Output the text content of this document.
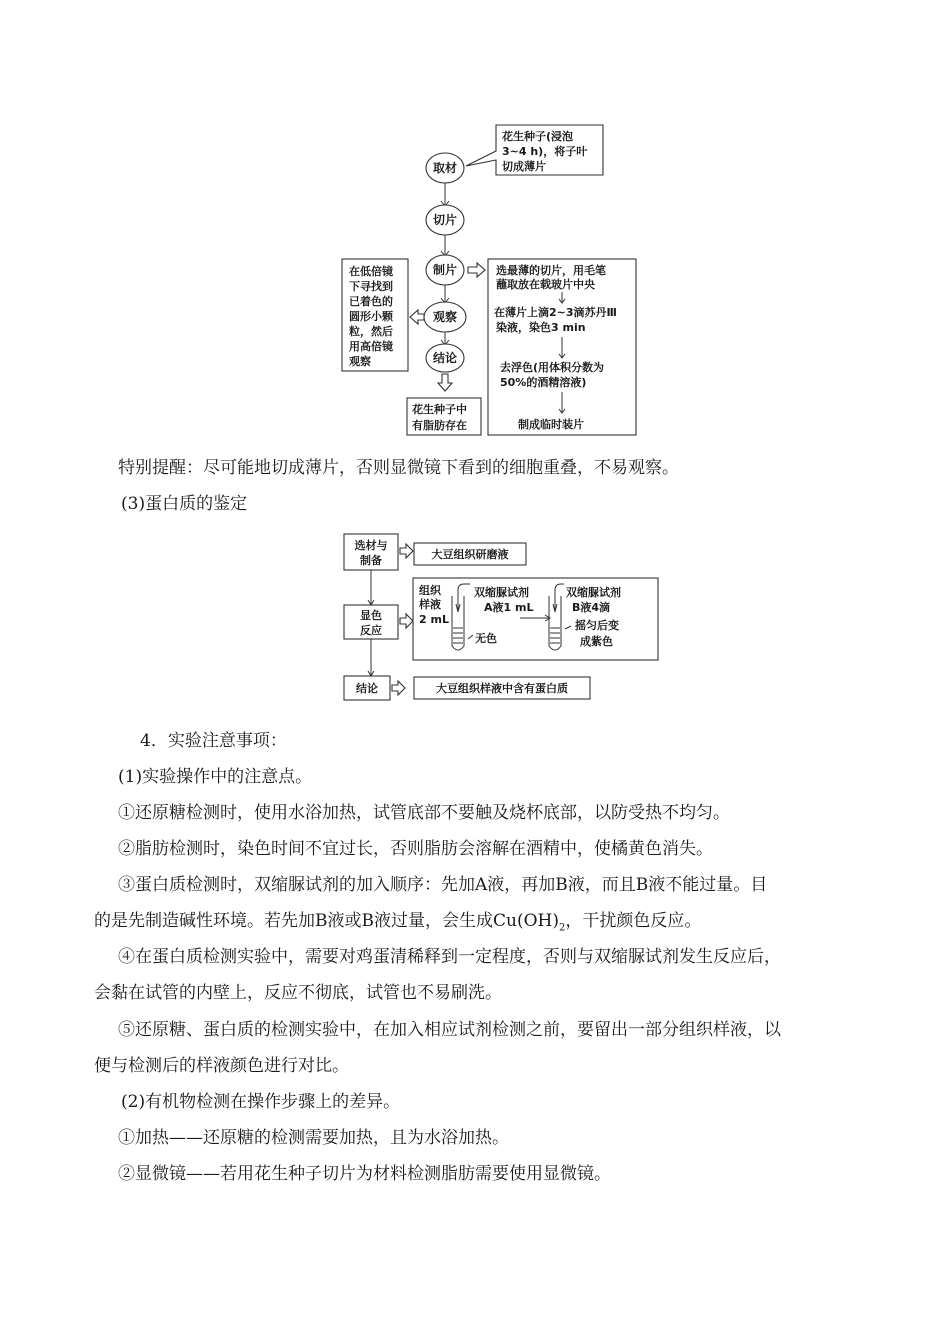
取材
切片
制片
观察
结论
花生种子(浸泡
3~4 h)，将子叶
切成薄片
在低倍镜
下寻找到
已着色的
圆形小颗
粒，然后
用高倍镜
观察
选最薄的切片，用毛笔
蘸取放在载玻片中央
在薄片上滴2~3滴苏丹Ⅲ
染液，染色3 min
去浮色(用体积分数为
50%的酒精溶液)
制成临时装片
花生种子中
有脂肪存在
特别提醒：尽可能地切成薄片，否则显微镜下看到的细胞重叠，不易观察。
(3)蛋白质的鉴定
选材与
制备
显色
反应
结论
大豆组织研磨液
组织
样液
2 mL
双缩脲试剂
A液1 mL
无色
双缩脲试剂
B液4滴
摇匀后变
成紫色
大豆组织样液中含有蛋白质
4．实验注意事项：
(1)实验操作中的注意点。
①还原糖检测时，使用水浴加热，试管底部不要触及烧杯底部，以防受热不均匀。
②脂肪检测时，染色时间不宜过长，否则脂肪会溶解在酒精中，使橘黄色消失。
③蛋白质检测时，双缩脲试剂的加入顺序：先加A液，再加B液，而且B液不能过量。目
的是先制造碱性环境。若先加B液或B液过量，会生成$Cu(OH)_2$，干扰颜色反应。
④在蛋白质检测实验中，需要对鸡蛋清稀释到一定程度，否则与双缩脲试剂发生反应后，
会黏在试管的内壁上，反应不彻底，试管也不易刷洗。
⑤还原糖、蛋白质的检测实验中，在加入相应试剂检测之前，要留出一部分组织样液，以
便与检测后的样液颜色进行对比。
(2)有机物检测在操作步骤上的差异。
①加热——还原糖的检测需要加热，且为水浴加热。
②显微镜——若用花生种子切片为材料检测脂肪需要使用显微镜。
